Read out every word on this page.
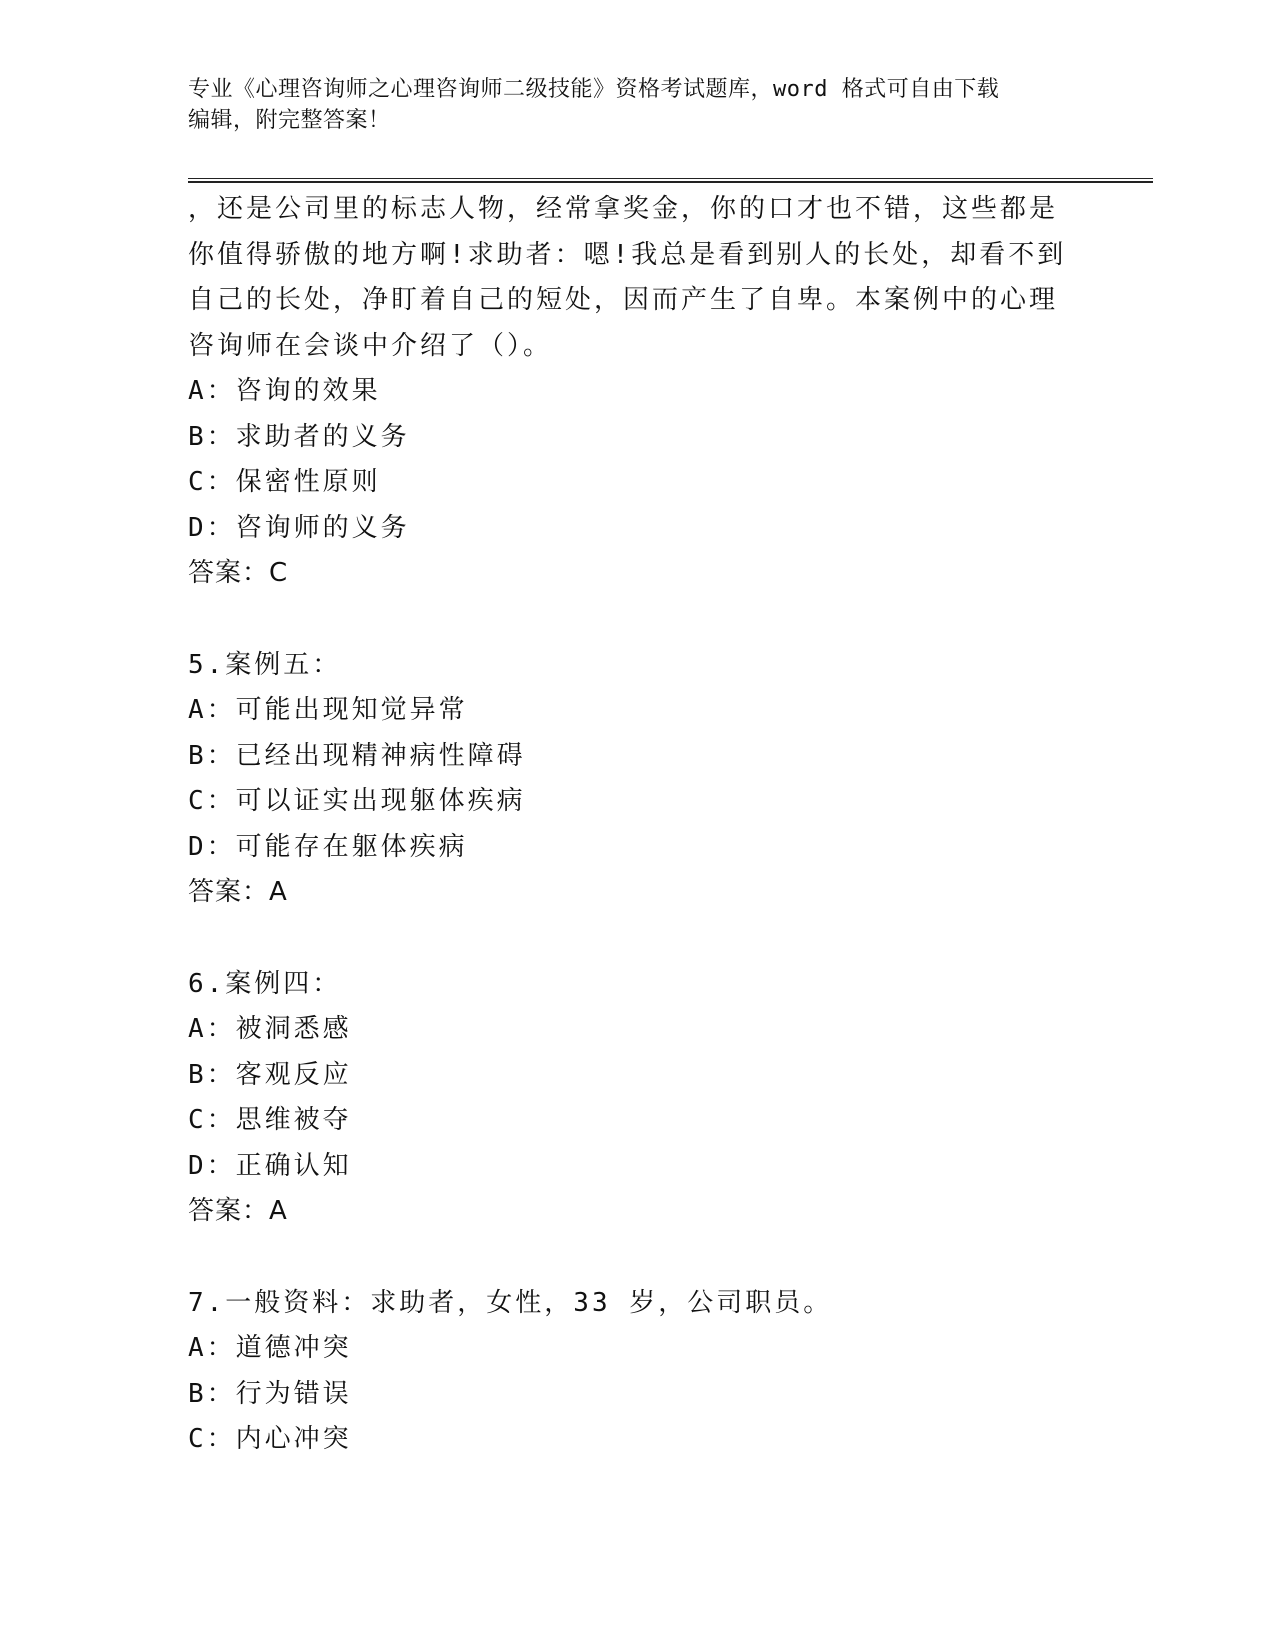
专业《心理咨询师之心理咨询师二级技能》资格考试题库，word 格式可自由下载
编辑，附完整答案！
，还是公司里的标志人物，经常拿奖金，你的口才也不错，这些都是
你值得骄傲的地方啊!求助者：嗯!我总是看到别人的长处，却看不到
自己的长处，净盯着自己的短处，因而产生了自卑。本案例中的心理
咨询师在会谈中介绍了（）。
A：咨询的效果
B：求助者的义务
C：保密性原则
D：咨询师的义务
答案：C
5.案例五：
A：可能出现知觉异常
B：已经出现精神病性障碍
C：可以证实出现躯体疾病
D：可能存在躯体疾病
答案：A
6.案例四：
A：被洞悉感
B：客观反应
C：思维被夺
D：正确认知
答案：A
7.一般资料：求助者，女性，33 岁，公司职员。
A：道德冲突
B：行为错误
C：内心冲突
